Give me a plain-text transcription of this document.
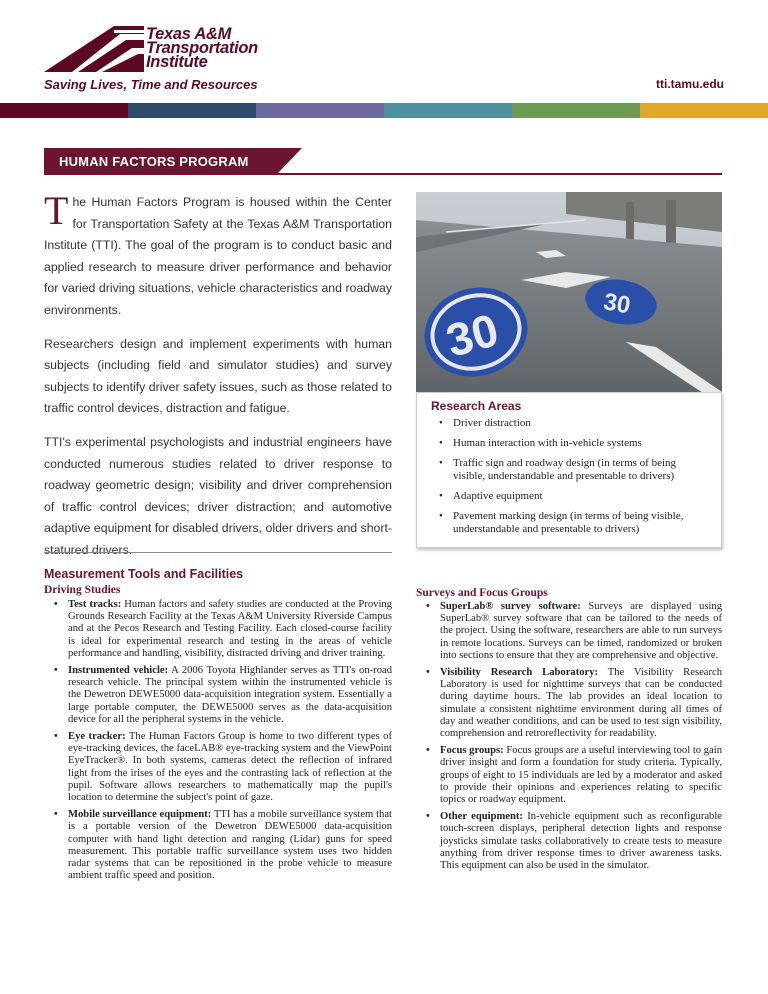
Texas A&M
Transportation
Institute
Saving Lives, Time and Resources	tti.tamu.edu
HUMAN FACTORS PROGRAM

The Human Factors Program is housed within the Center for Transportation Safety at the Texas A&M Transportation Institute (TTI). The goal of the program is to conduct basic and applied research to measure driver performance and behavior for varied driving situations, vehicle characteristics and roadway environments.

Researchers design and implement experiments with human subjects (including field and simulator studies) and survey subjects to identify driver safety issues, such as those related to traffic control devices, distraction and fatigue.

TTI's experimental psychologists and industrial engineers have conducted numerous studies related to driver response to roadway geometric design; visibility and driver comprehension of traffic control devices; driver distraction; and automotive adaptive equipment for disabled drivers, older drivers and short-statured drivers.

30	30
Research Areas
• Driver distraction
• Human interaction with in-vehicle systems
• Traffic sign and roadway design (in terms of being visible, understandable and presentable to drivers)
• Adaptive equipment
• Pavement marking design (in terms of being visible, understandable and presentable to drivers)
Measurement Tools and Facilities
Driving Studies
• Test tracks: Human factors and safety studies are conducted at the Proving Grounds Research Facility at the Texas A&M University Riverside Campus and at the Pecos Research and Testing Facility. Each closed-course facility is ideal for experimental research and testing in the areas of vehicle performance and handling, visibility, distracted driving and driver training.
• Instrumented vehicle: A 2006 Toyota Highlander serves as TTI's on-road research vehicle. The principal system within the instrumented vehicle is the Dewetron DEWE5000 data-acquisition integration system. Essentially a large portable computer, the DEWE5000 serves as the data-acquisition device for all the peripheral systems in the vehicle.
• Eye tracker: The Human Factors Group is home to two different types of eye-tracking devices, the faceLAB® eye-tracking system and the ViewPoint EyeTracker®. In both systems, cameras detect the reflection of infrared light from the irises of the eyes and the contrasting lack of reflection at the pupil. Software allows researchers to mathematically map the pupil's location to determine the subject's point of gaze.
• Mobile surveillance equipment: TTI has a mobile surveillance system that is a portable version of the Dewetron DEWE5000 data-acquisition computer with hand light detection and ranging (Lidar) guns for speed measurement. This portable traffic surveillance system uses two hidden radar systems that can be repositioned in the probe vehicle to measure ambient traffic speed and position.
Surveys and Focus Groups
• SuperLab® survey software: Surveys are displayed using SuperLab® survey software that can be tailored to the needs of the project. Using the software, researchers are able to run surveys in remote locations. Surveys can be timed, randomized or broken into sections to ensure that they are comprehensive and objective.
• Visibility Research Laboratory: The Visibility Research Laboratory is used for nighttime surveys that can be conducted during daytime hours. The lab provides an ideal location to simulate a consistent nighttime environment during all times of day and weather conditions, and can be used to test sign visibility, comprehension and retroreflectivity for readability.
• Focus groups: Focus groups are a useful interviewing tool to gain driver insight and form a foundation for study criteria. Typically, groups of eight to 15 individuals are led by a moderator and asked to provide their opinions and experiences relating to specific topics or roadway equipment.
• Other equipment: In-vehicle equipment such as reconfigurable touch-screen displays, peripheral detection lights and response joysticks simulate tasks collaboratively to create tests to measure anything from driver response times to driver awareness tasks. This equipment can also be used in the simulator.
